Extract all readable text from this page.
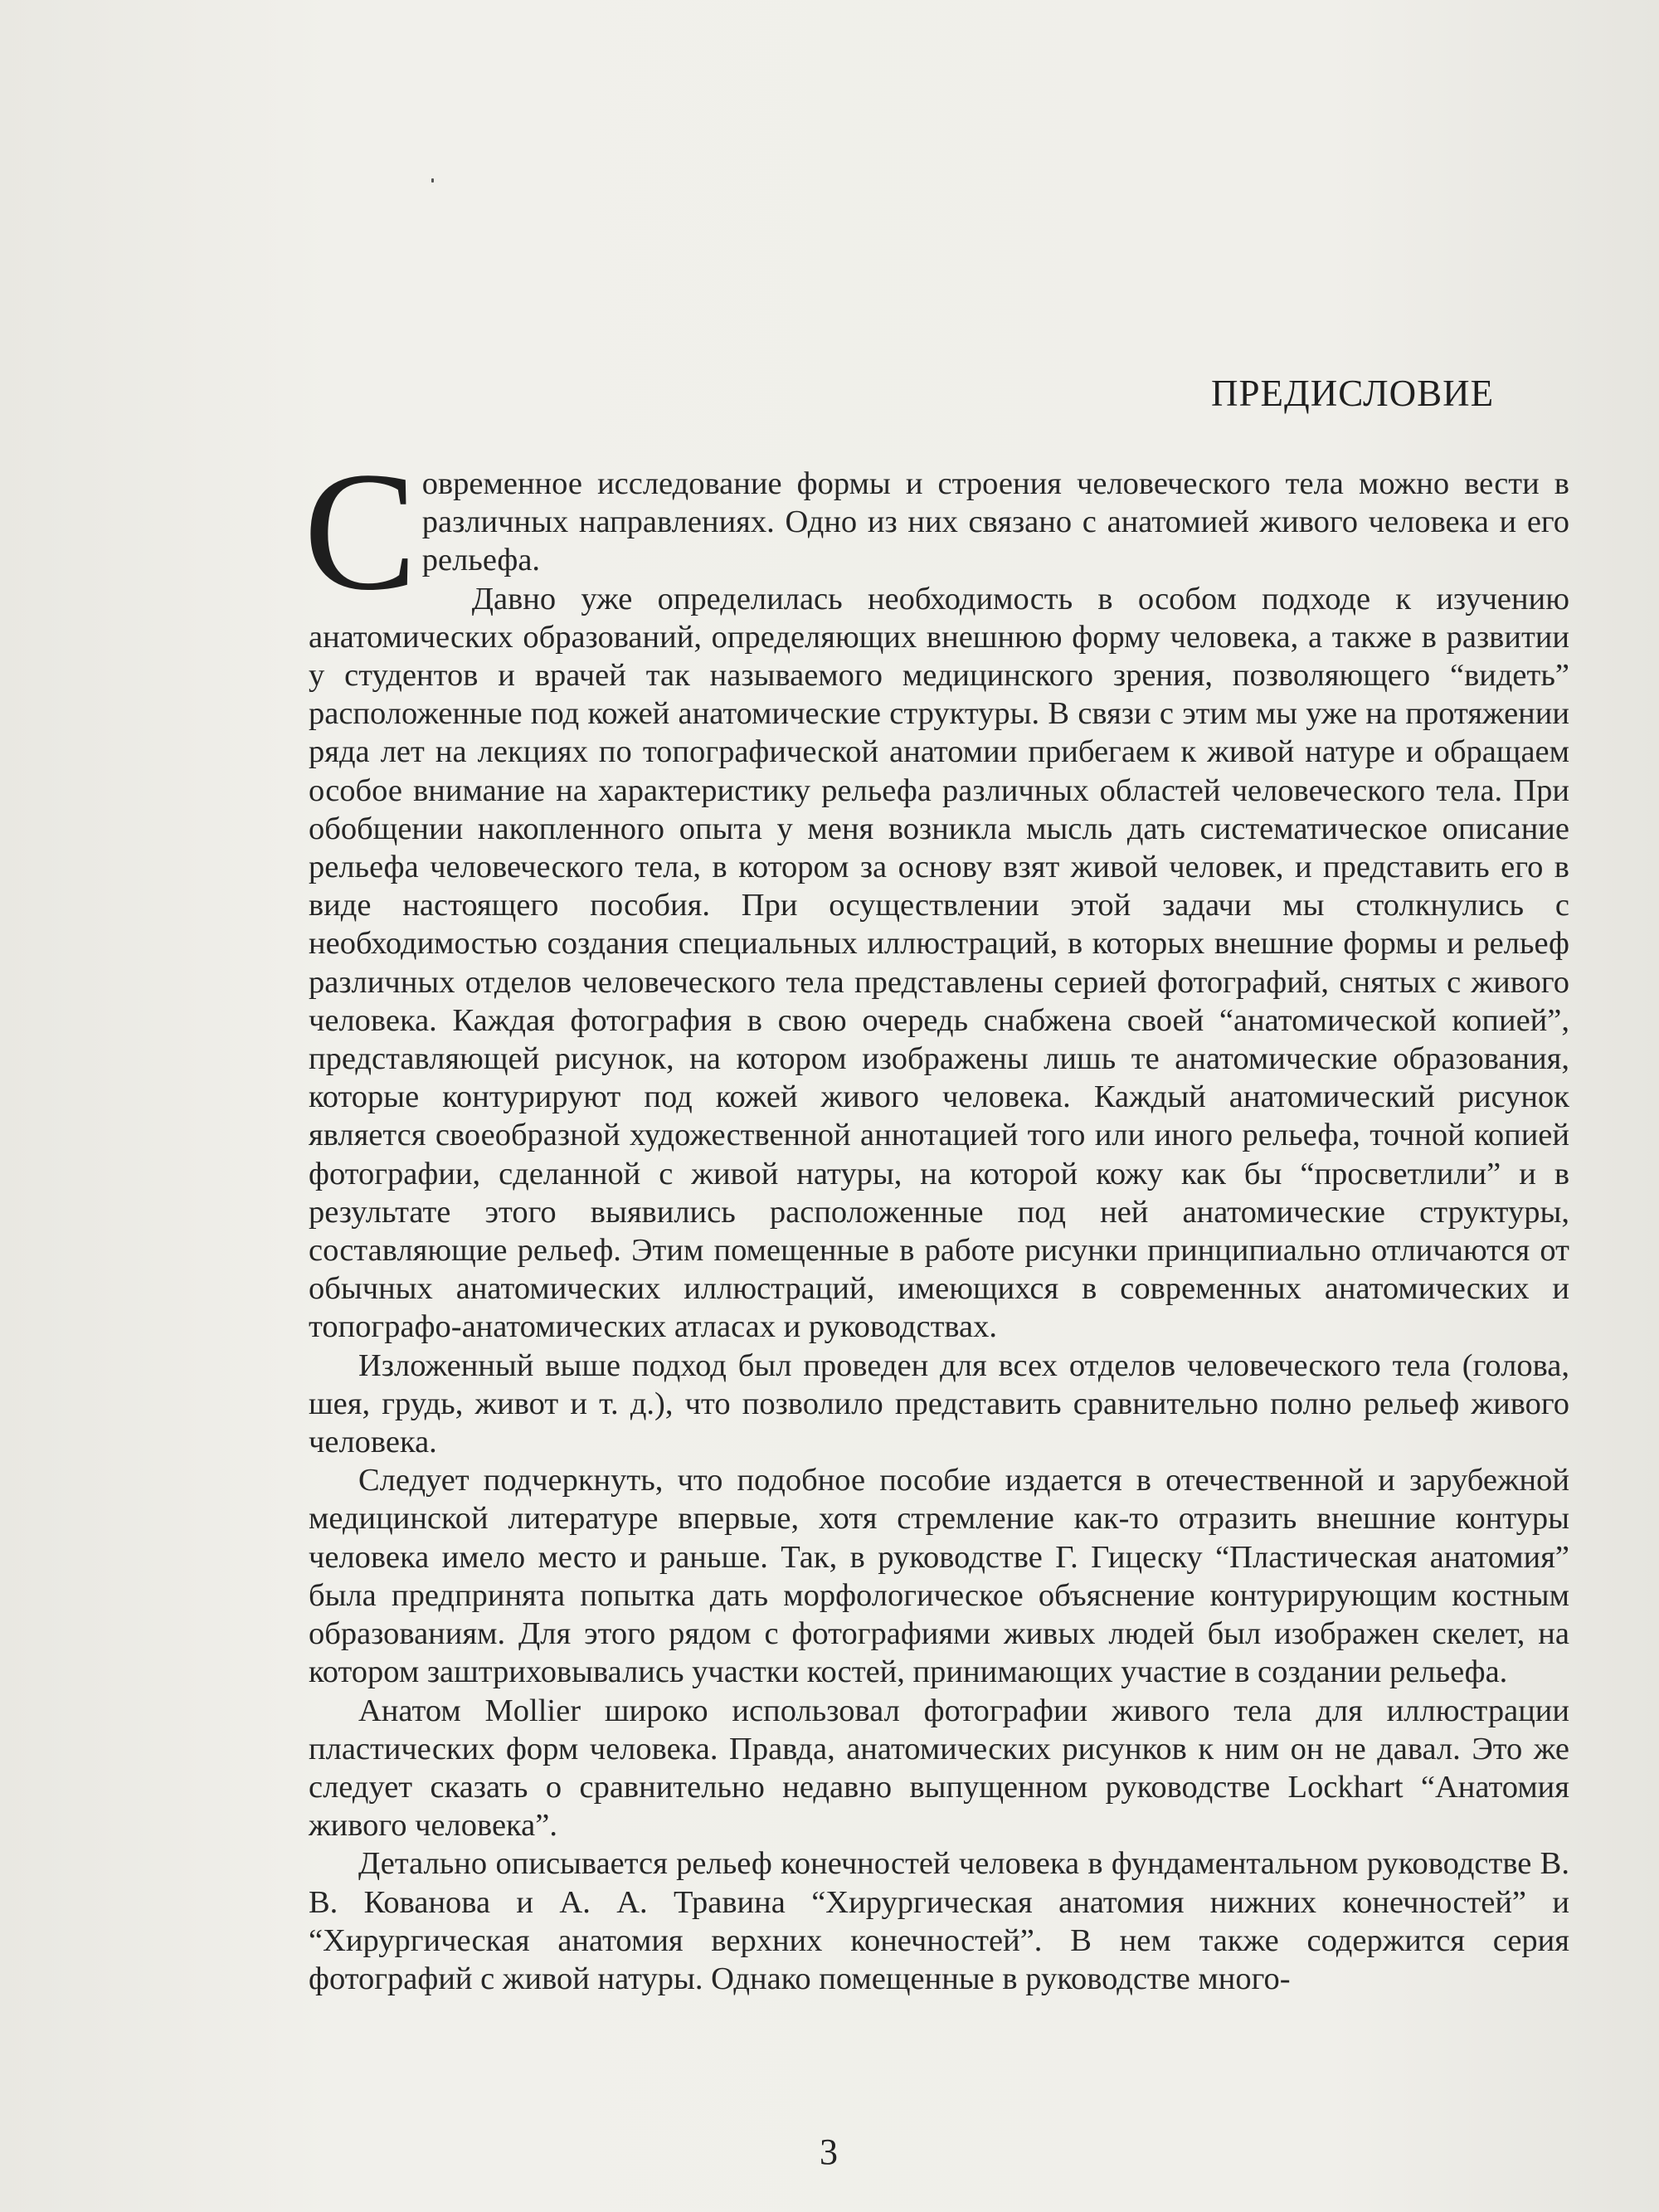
ПРЕДИСЛОВИЕ

Современное исследование формы и строения человеческого тела можно вести в различных направлениях. Одно из них связано с анатомией живого человека и его рельефа.

Давно уже определилась необходимость в особом подходе к изучению анатомических образований, определяющих внешнюю форму человека, а также в развитии у студентов и врачей так называемого медицинского зрения, позволяющего “видеть” расположенные под кожей анатомические структуры. В связи с этим мы уже на протяжении ряда лет на лекциях по топографической анатомии прибегаем к живой натуре и обращаем особое внимание на характеристику рельефа различных областей человеческого тела. При обобщении накопленного опыта у меня возникла мысль дать систематическое описание рельефа человеческого тела, в котором за основу взят живой человек, и представить его в виде настоящего пособия. При осуществлении этой задачи мы столкнулись с необходимостью создания специальных иллюстраций, в которых внешние формы и рельеф различных отделов человеческого тела представлены серией фотографий, снятых с живого человека. Каждая фотография в свою очередь снабжена своей “анатомической копией”, представляющей рисунок, на котором изображены лишь те анатомические образования, которые контурируют под кожей живого человека. Каждый анатомический рисунок является своеобразной художественной аннотацией того или иного рельефа, точной копией фотографии, сделанной с живой натуры, на которой кожу как бы “просветлили” и в результате этого выявились расположенные под ней анатомические структуры, составляющие рельеф. Этим помещенные в работе рисунки принципиально отличаются от обычных анатомических иллюстраций, имеющихся в современных анатомических и топографо-анатомических атласах и руководствах.

Изложенный выше подход был проведен для всех отделов человеческого тела (голова, шея, грудь, живот и т. д.), что позволило представить сравнительно полно рельеф живого человека.

Следует подчеркнуть, что подобное пособие издается в отечественной и зарубежной медицинской литературе впервые, хотя стремление как-то отразить внешние контуры человека имело место и раньше. Так, в руководстве Г. Гицеску “Пластическая анатомия” была предпринята попытка дать морфологическое объяснение контурирующим костным образованиям. Для этого рядом с фотографиями живых людей был изображен скелет, на котором заштриховывались участки костей, принимающих участие в создании рельефа.

Анатом Mollier широко использовал фотографии живого тела для иллюстрации пластических форм человека. Правда, анатомических рисунков к ним он не давал. Это же следует сказать о сравнительно недавно выпущенном руководстве Lockhart “Анатомия живого человека”.

Детально описывается рельеф конечностей человека в фундаментальном руководстве В. В. Кованова и А. А. Травина “Хирургическая анатомия нижних конечностей” и “Хирургическая анатомия верхних конечностей”. В нем также содержится серия фотографий с живой натуры. Однако помещенные в руководстве много-

3
